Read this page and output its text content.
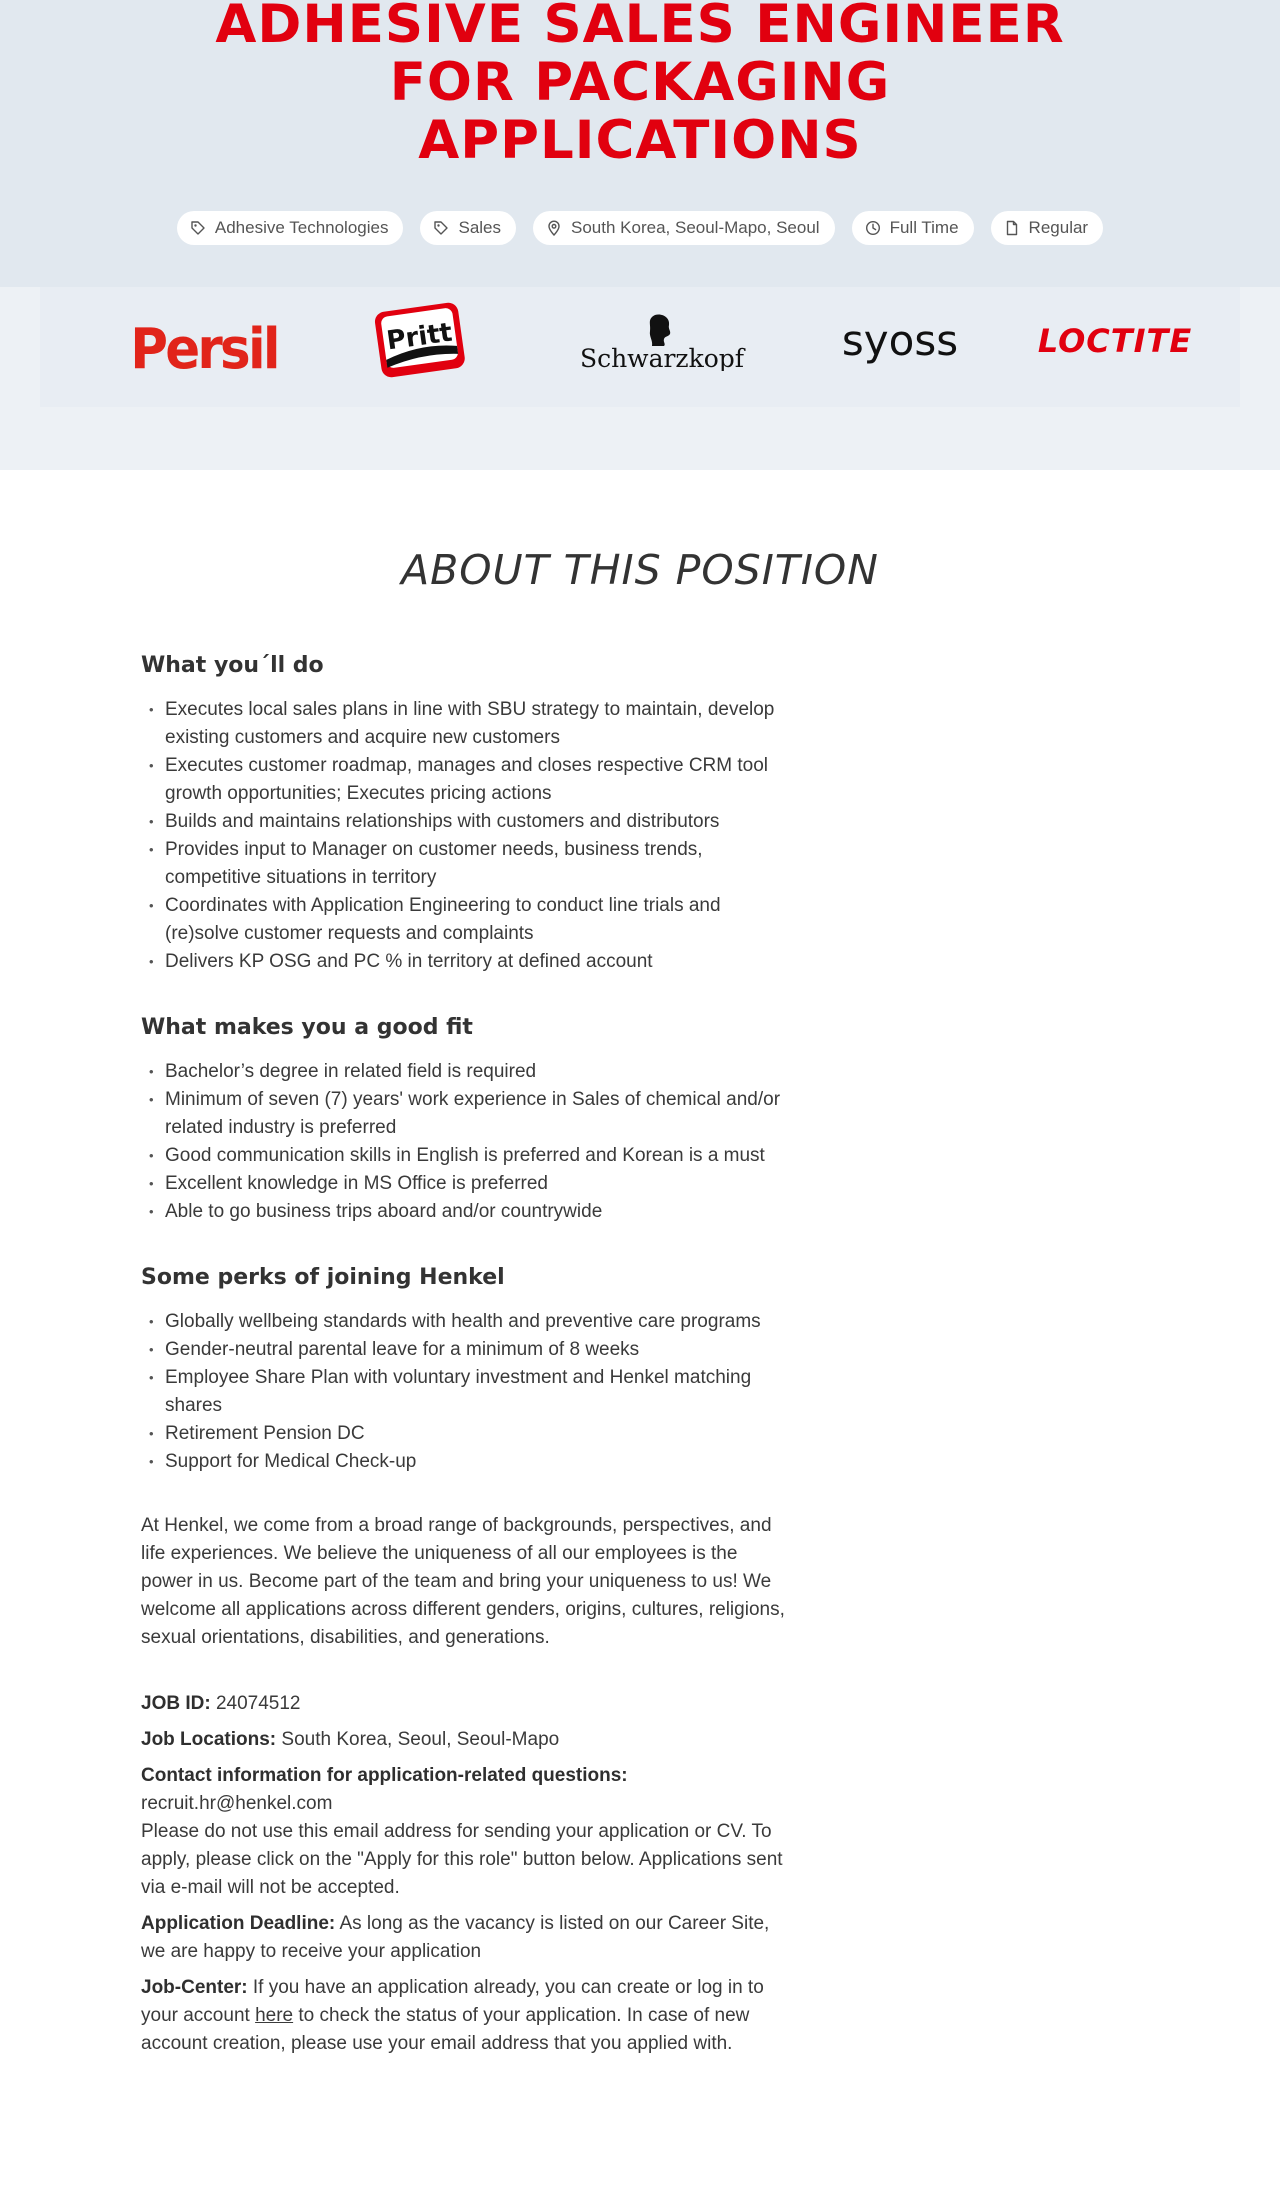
ADHESIVE SALES ENGINEER
FOR PACKAGING
APPLICATIONS
Adhesive Technologies	Sales	South Korea, Seoul-Mapo, Seoul	Full Time	Regular
Persil	Pritt
Schwarzkopf	syoss	LOCTITE
ABOUT THIS POSITION
What you´ll do
• Executes local sales plans in line with SBU strategy to maintain, develop existing customers and acquire new customers
• Executes customer roadmap, manages and closes respective CRM tool growth opportunities; Executes pricing actions
• Builds and maintains relationships with customers and distributors
• Provides input to Manager on customer needs, business trends, competitive situations in territory
• Coordinates with Application Engineering to conduct line trials and (re)solve customer requests and complaints
• Delivers KP OSG and PC % in territory at defined account
What makes you a good fit
• Bachelor’s degree in related field is required
• Minimum of seven (7) years' work experience in Sales of chemical and/or related industry is preferred
• Good communication skills in English is preferred and Korean is a must
• Excellent knowledge in MS Office is preferred
• Able to go business trips aboard and/or countrywide
Some perks of joining Henkel
• Globally wellbeing standards with health and preventive care programs
• Gender-neutral parental leave for a minimum of 8 weeks
• Employee Share Plan with voluntary investment and Henkel matching shares
• Retirement Pension DC
• Support for Medical Check-up

At Henkel, we come from a broad range of backgrounds, perspectives, and life experiences. We believe the uniqueness of all our employees is the power in us. Become part of the team and bring your uniqueness to us! We welcome all applications across different genders, origins, cultures, religions, sexual orientations, disabilities, and generations.

JOB ID: 24074512

Job Locations: South Korea, Seoul, Seoul-Mapo

Contact information for application-related questions:
recruit.hr@henkel.com
Please do not use this email address for sending your application or CV. To apply, please click on the "Apply for this role" button below. Applications sent via e-mail will not be accepted.

Application Deadline: As long as the vacancy is listed on our Career Site, we are happy to receive your application

Job-Center: If you have an application already, you can create or log in to your account here to check the status of your application. In case of new account creation, please use your email address that you applied with.
